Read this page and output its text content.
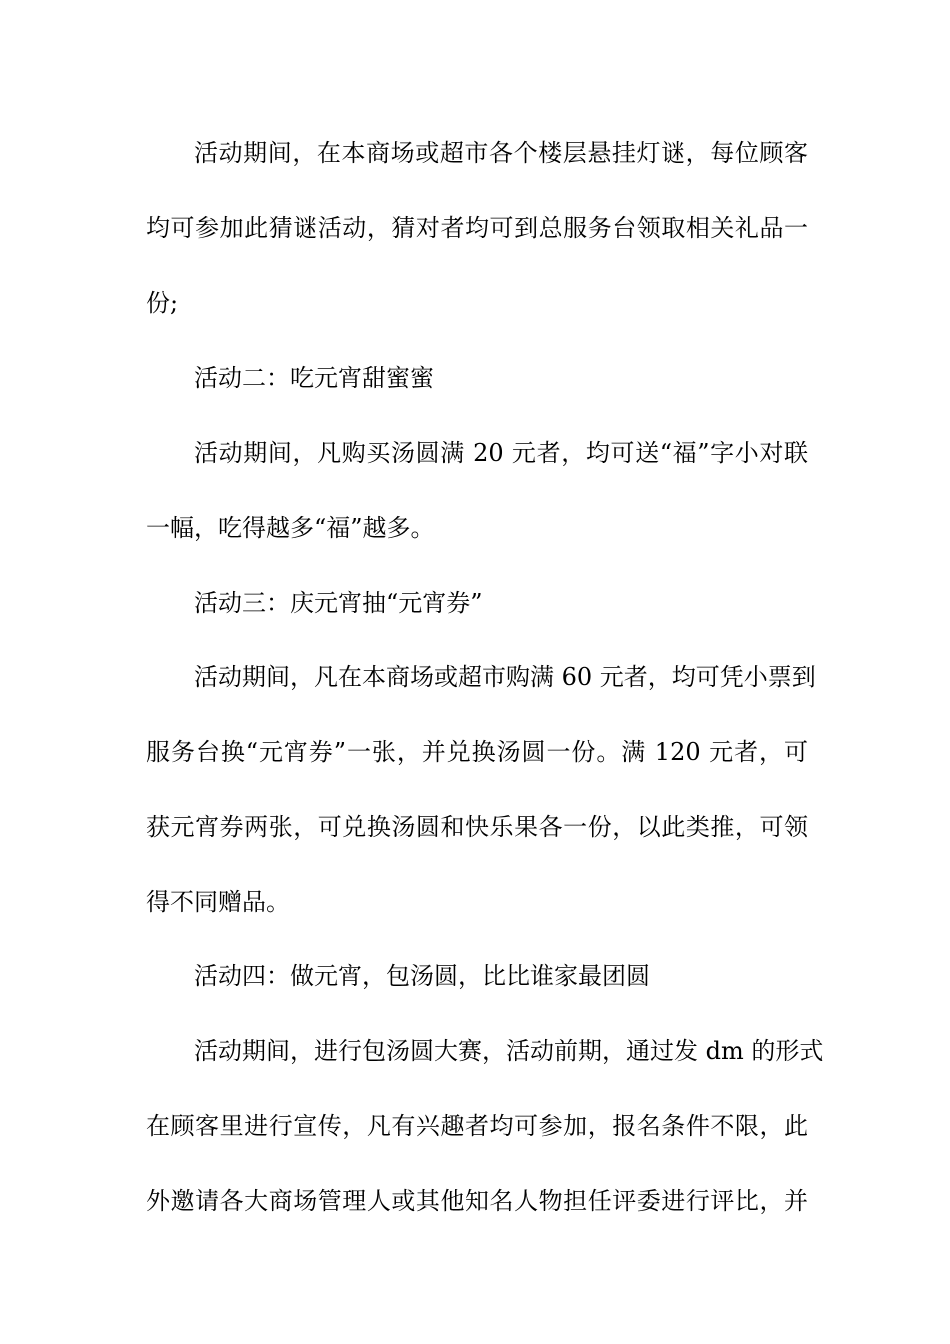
活动期间，在本商场或超市各个楼层悬挂灯谜，每位顾客
均可参加此猜谜活动，猜对者均可到总服务台领取相关礼品一
份;
活动二：吃元宵甜蜜蜜
活动期间，凡购买汤圆满 20 元者，均可送“福”字小对联
一幅，吃得越多“福”越多。
活动三：庆元宵抽“元宵券”
活动期间，凡在本商场或超市购满 60 元者，均可凭小票到
服务台换“元宵券”一张，并兑换汤圆一份。满 120 元者，可
获元宵券两张，可兑换汤圆和快乐果各一份，以此类推，可领
得不同赠品。
活动四：做元宵，包汤圆，比比谁家最团圆
活动期间，进行包汤圆大赛，活动前期，通过发 dm 的形式
在顾客里进行宣传，凡有兴趣者均可参加，报名条件不限，此
外邀请各大商场管理人或其他知名人物担任评委进行评比，并
